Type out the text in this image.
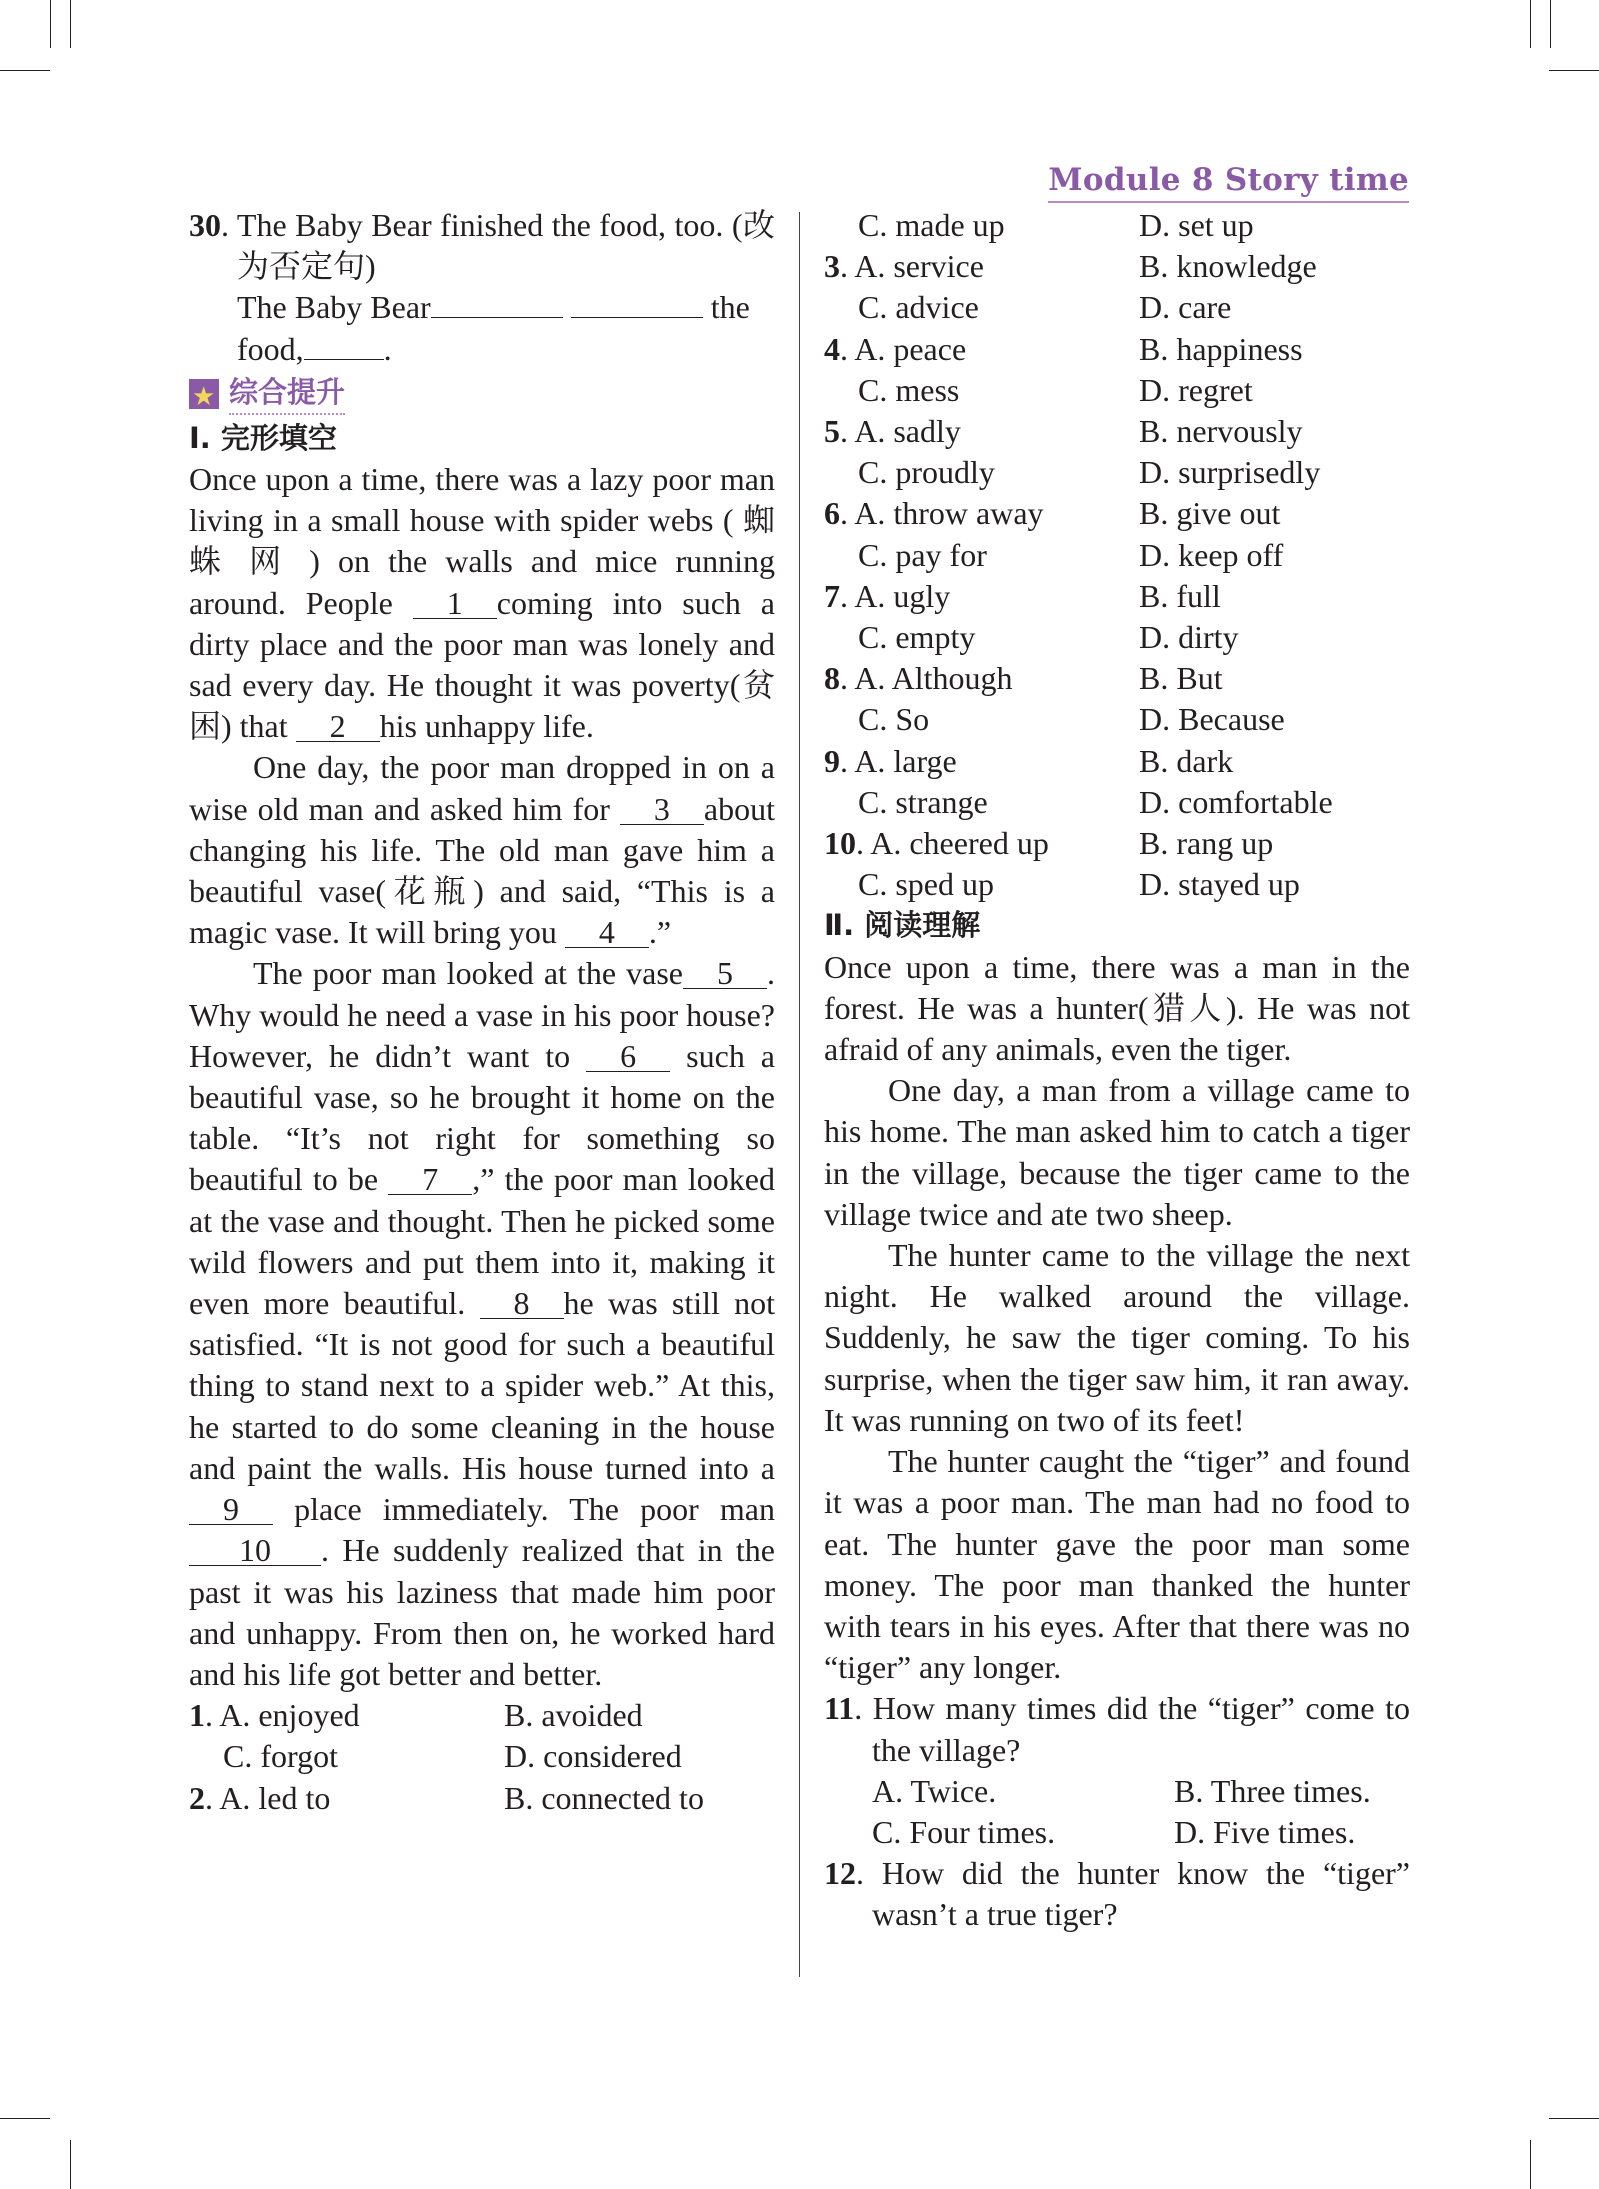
Module 8 Story time

30. The Baby Bear finished the food, too. (改为否定句)

The Baby Bear	the
food,	.

★
综合提升
Ⅰ. 完形填空

Once upon a time, there was a lazy poor man living in a small house with spider webs ( 蜘 蛛 网 ) on the walls and mice running around. People 1 coming into such a dirty place and the poor man was lonely and sad every day. He thought it was poverty(贫困) that 2 his unhappy life.

One day, the poor man dropped in on a wise old man and asked him for 3 about changing his life. The old man gave him a beautiful vase(花瓶) and said, “This is a magic vase. It will bring you 4 .”

The poor man looked at the vase 5 . Why would he need a vase in his poor house? However, he didn’t want to 6 such a beautiful vase, so he brought it home on the table. “It’s not right for something so beautiful to be 7 ,” the poor man looked at the vase and thought. Then he picked some wild flowers and put them into it, making it even more beautiful. 8 he was still not satisfied. “It is not good for such a beautiful thing to stand next to a spider web.” At this, he started to do some cleaning in the house and paint the walls. His house turned into a 9 place immediately. The poor man 10 . He suddenly realized that in the past it was his laziness that made him poor and unhappy. From then on, he worked hard and his life got better and better.

1. A. enjoyed	B. avoided
C. forgot	D. considered
2. A. led to	B. connected to
C. made up	D. set up
3. A. service	B. knowledge
C. advice	D. care
4. A. peace	B. happiness
C. mess	D. regret
5. A. sadly	B. nervously
C. proudly	D. surprisedly
6. A. throw away	B. give out
C. pay for	D. keep off
7. A. ugly	B. full
C. empty	D. dirty
8. A. Although	B. But
C. So	D. Because
9. A. large	B. dark
C. strange	D. comfortable
10. A. cheered up	B. rang up
C. sped up	D. stayed up
Ⅱ. 阅读理解

Once upon a time, there was a man in the forest. He was a hunter(猎人). He was not afraid of any animals, even the tiger.

One day, a man from a village came to his home. The man asked him to catch a tiger in the village, because the tiger came to the village twice and ate two sheep.

The hunter came to the village the next night. He walked around the village. Suddenly, he saw the tiger coming. To his surprise, when the tiger saw him, it ran away. It was running on two of its feet!

The hunter caught the “tiger” and found it was a poor man. The man had no food to eat. The hunter gave the poor man some money. The poor man thanked the hunter with tears in his eyes. After that there was no “tiger” any longer.

11. How many times did the “tiger” come to the village?

A. Twice.	B. Three times.
C. Four times.	D. Five times.

12. How did the hunter know the “tiger” wasn’t a true tiger?
